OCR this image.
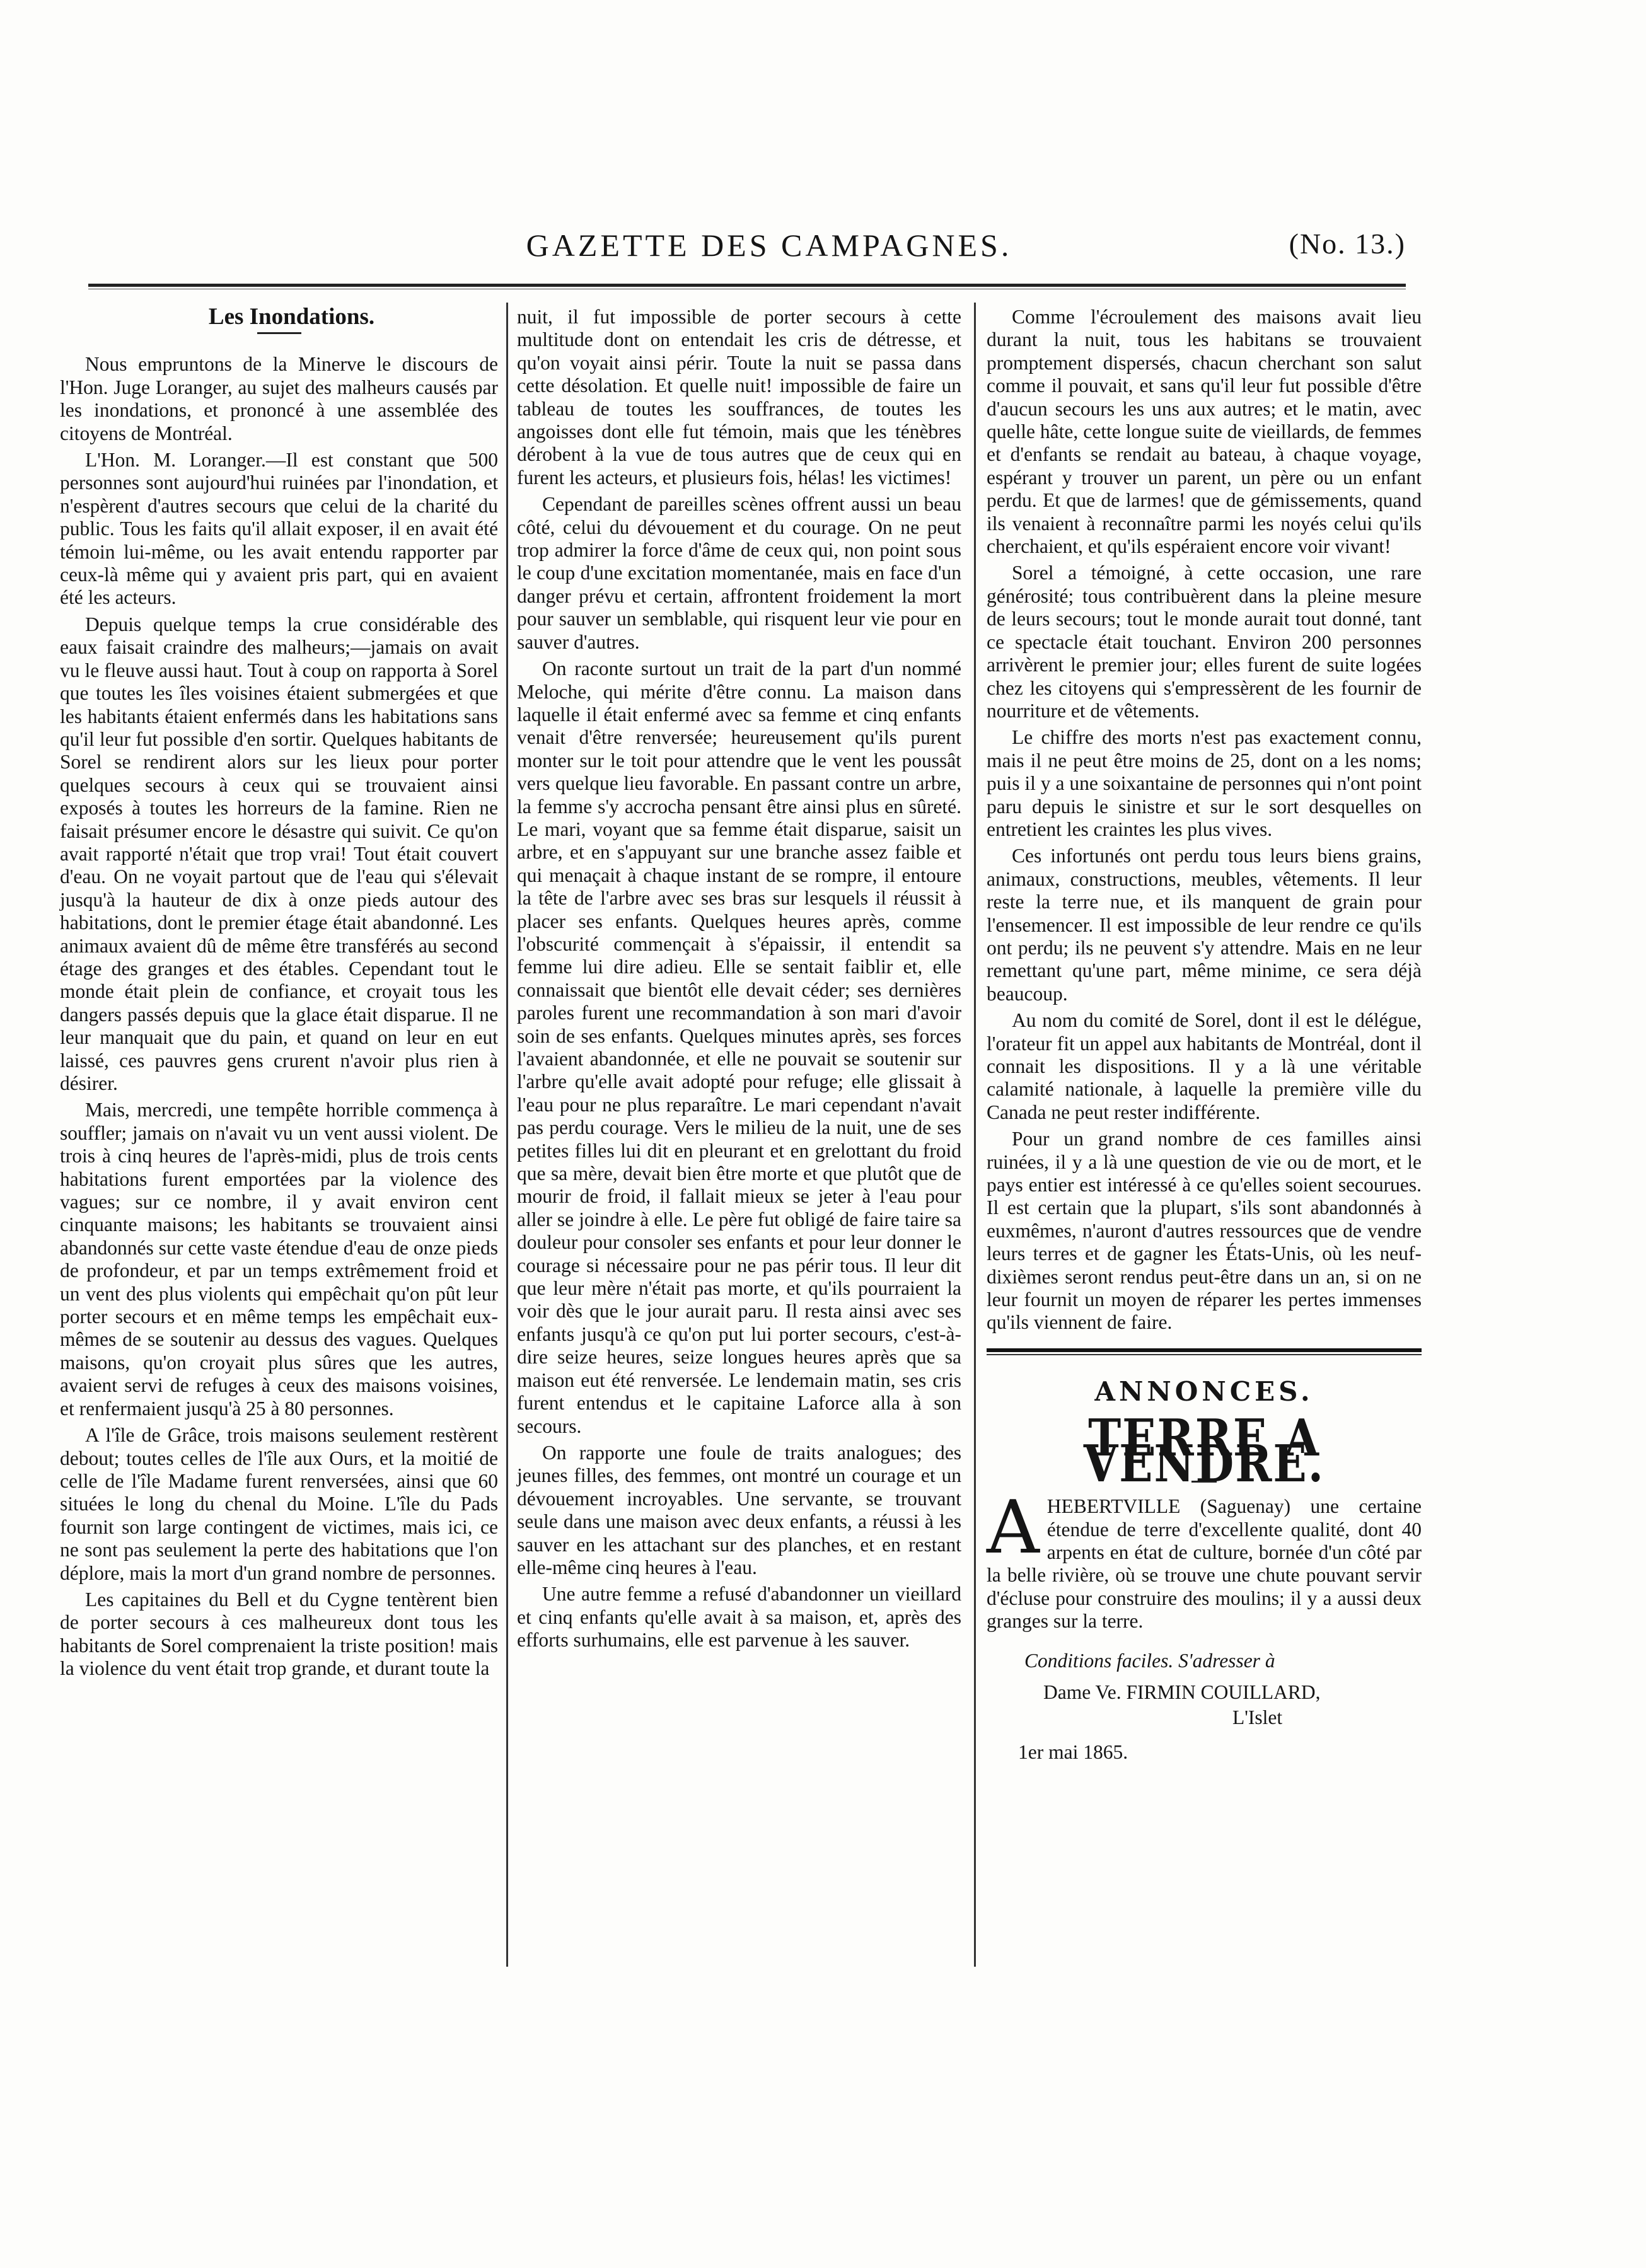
GAZETTE DES CAMPAGNES.	(No. 13.)

Les Inondations.

Nous empruntons de la Minerve le discours de l'Hon. Juge Loranger, au sujet des malheurs causés par les inondations, et prononcé à une assemblée des citoyens de Montréal.

L'Hon. M. Loranger.—Il est constant que 500 personnes sont aujourd'hui ruinées par l'inondation, et n'espèrent d'autres secours que celui de la charité du public. Tous les faits qu'il allait exposer, il en avait été témoin lui-même, ou les avait entendu rapporter par ceux-là même qui y avaient pris part, qui en avaient été les acteurs.

Depuis quelque temps la crue considérable des eaux faisait craindre des malheurs;—jamais on avait vu le fleuve aussi haut. Tout à coup on rapporta à Sorel que toutes les îles voisines étaient submergées et que les habitants étaient enfermés dans les habitations sans qu'il leur fut possible d'en sortir. Quelques habitants de Sorel se rendirent alors sur les lieux pour porter quelques secours à ceux qui se trouvaient ainsi exposés à toutes les horreurs de la famine. Rien ne faisait présumer encore le désastre qui suivit. Ce qu'on avait rapporté n'était que trop vrai! Tout était couvert d'eau. On ne voyait partout que de l'eau qui s'élevait jusqu'à la hauteur de dix à onze pieds autour des habitations, dont le premier étage était abandonné. Les animaux avaient dû de même être transférés au second étage des granges et des étables. Cependant tout le monde était plein de confiance, et croyait tous les dangers passés depuis que la glace était disparue. Il ne leur manquait que du pain, et quand on leur en eut laissé, ces pauvres gens crurent n'avoir plus rien à désirer.

Mais, mercredi, une tempête horrible commença à souffler; jamais on n'avait vu un vent aussi violent. De trois à cinq heures de l'après-midi, plus de trois cents habitations furent emportées par la violence des vagues; sur ce nombre, il y avait environ cent cinquante maisons; les habitants se trouvaient ainsi abandonnés sur cette vaste étendue d'eau de onze pieds de profondeur, et par un temps extrêmement froid et un vent des plus violents qui empêchait qu'on pût leur porter secours et en même temps les empêchait eux-mêmes de se soutenir au dessus des vagues. Quelques maisons, qu'on croyait plus sûres que les autres, avaient servi de refuges à ceux des maisons voisines, et renfermaient jusqu'à 25 à 80 personnes.

A l'île de Grâce, trois maisons seulement restèrent debout; toutes celles de l'île aux Ours, et la moitié de celle de l'île Madame furent renversées, ainsi que 60 situées le long du chenal du Moine. L'île du Pads fournit son large contingent de victimes, mais ici, ce ne sont pas seulement la perte des habitations que l'on déplore, mais la mort d'un grand nombre de personnes.

Les capitaines du Bell et du Cygne tentèrent bien de porter secours à ces malheureux dont tous les habitants de Sorel comprenaient la triste position! mais la violence du vent était trop grande, et durant toute la

nuit, il fut impossible de porter secours à cette multitude dont on entendait les cris de détresse, et qu'on voyait ainsi périr. Toute la nuit se passa dans cette désolation. Et quelle nuit! impossible de faire un tableau de toutes les souffrances, de toutes les angoisses dont elle fut témoin, mais que les ténèbres dérobent à la vue de tous autres que de ceux qui en furent les acteurs, et plusieurs fois, hélas! les victimes!

Cependant de pareilles scènes offrent aussi un beau côté, celui du dévouement et du courage. On ne peut trop admirer la force d'âme de ceux qui, non point sous le coup d'une excitation momentanée, mais en face d'un danger prévu et certain, affrontent froidement la mort pour sauver un semblable, qui risquent leur vie pour en sauver d'autres.

On raconte surtout un trait de la part d'un nommé Meloche, qui mérite d'être connu. La maison dans laquelle il était enfermé avec sa femme et cinq enfants venait d'être renversée; heureusement qu'ils purent monter sur le toit pour attendre que le vent les poussât vers quelque lieu favorable. En passant contre un arbre, la femme s'y accrocha pensant être ainsi plus en sûreté. Le mari, voyant que sa femme était disparue, saisit un arbre, et en s'appuyant sur une branche assez faible et qui menaçait à chaque instant de se rompre, il entoure la tête de l'arbre avec ses bras sur lesquels il réussit à placer ses enfants. Quelques heures après, comme l'obscurité commençait à s'épaissir, il entendit sa femme lui dire adieu. Elle se sentait faiblir et, elle connaissait que bientôt elle devait céder; ses dernières paroles furent une recommandation à son mari d'avoir soin de ses enfants. Quelques minutes après, ses forces l'avaient abandonnée, et elle ne pouvait se soutenir sur l'arbre qu'elle avait adopté pour refuge; elle glissait à l'eau pour ne plus reparaître. Le mari cependant n'avait pas perdu courage. Vers le milieu de la nuit, une de ses petites filles lui dit en pleurant et en grelottant du froid que sa mère, devait bien être morte et que plutôt que de mourir de froid, il fallait mieux se jeter à l'eau pour aller se joindre à elle. Le père fut obligé de faire taire sa douleur pour consoler ses enfants et pour leur donner le courage si nécessaire pour ne pas périr tous. Il leur dit que leur mère n'était pas morte, et qu'ils pourraient la voir dès que le jour aurait paru. Il resta ainsi avec ses enfants jusqu'à ce qu'on put lui porter secours, c'est-à-dire seize heures, seize longues heures après que sa maison eut été renversée. Le lendemain matin, ses cris furent entendus et le capitaine Laforce alla à son secours.

On rapporte une foule de traits analogues; des jeunes filles, des femmes, ont montré un courage et un dévouement incroyables. Une servante, se trouvant seule dans une maison avec deux enfants, a réussi à les sauver en les attachant sur des planches, et en restant elle-même cinq heures à l'eau.

Une autre femme a refusé d'abandonner un vieillard et cinq enfants qu'elle avait à sa maison, et, après des efforts surhumains, elle est parvenue à les sauver.

Comme l'écroulement des maisons avait lieu durant la nuit, tous les habitans se trouvaient promptement dispersés, chacun cherchant son salut comme il pouvait, et sans qu'il leur fut possible d'être d'aucun secours les uns aux autres; et le matin, avec quelle hâte, cette longue suite de vieillards, de femmes et d'enfants se rendait au bateau, à chaque voyage, espérant y trouver un parent, un père ou un enfant perdu. Et que de larmes! que de gémissements, quand ils venaient à reconnaître parmi les noyés celui qu'ils cherchaient, et qu'ils espéraient encore voir vivant!

Sorel a témoigné, à cette occasion, une rare générosité; tous contribuèrent dans la pleine mesure de leurs secours; tout le monde aurait tout donné, tant ce spectacle était touchant. Environ 200 personnes arrivèrent le premier jour; elles furent de suite logées chez les citoyens qui s'empressèrent de les fournir de nourriture et de vêtements.

Le chiffre des morts n'est pas exactement connu, mais il ne peut être moins de 25, dont on a les noms; puis il y a une soixantaine de personnes qui n'ont point paru depuis le sinistre et sur le sort desquelles on entretient les craintes les plus vives.

Ces infortunés ont perdu tous leurs biens grains, animaux, constructions, meubles, vêtements. Il leur reste la terre nue, et ils manquent de grain pour l'ensemencer. Il est impossible de leur rendre ce qu'ils ont perdu; ils ne peuvent s'y attendre. Mais en ne leur remettant qu'une part, même minime, ce sera déjà beaucoup.

Au nom du comité de Sorel, dont il est le délégue, l'orateur fit un appel aux habitants de Montréal, dont il connait les dispositions. Il y a là une véritable calamité nationale, à laquelle la première ville du Canada ne peut rester indifférente.

Pour un grand nombre de ces familles ainsi ruinées, il y a là une question de vie ou de mort, et le pays entier est intéressé à ce qu'elles soient secourues. Il est certain que la plupart, s'ils sont abandonnés à euxmêmes, n'auront d'autres ressources que de vendre leurs terres et de gagner les États-Unis, où les neuf-dixièmes seront rendus peut-être dans un an, si on ne leur fournit un moyen de réparer les pertes immenses qu'ils viennent de faire.

ANNONCES.
TERRE A VENDRE.
A HEBERTVILLE (Saguenay) une certaine étendue de terre d'excellente qualité, dont 40 arpents en état de culture, bornée d'un côté par la belle rivière, où se trouve une chute pouvant servir d'écluse pour construire des moulins; il y a aussi deux granges sur la terre.
Conditions faciles. S'adresser à
Dame Ve. FIRMIN COUILLARD,
L'Islet
1er mai 1865.
